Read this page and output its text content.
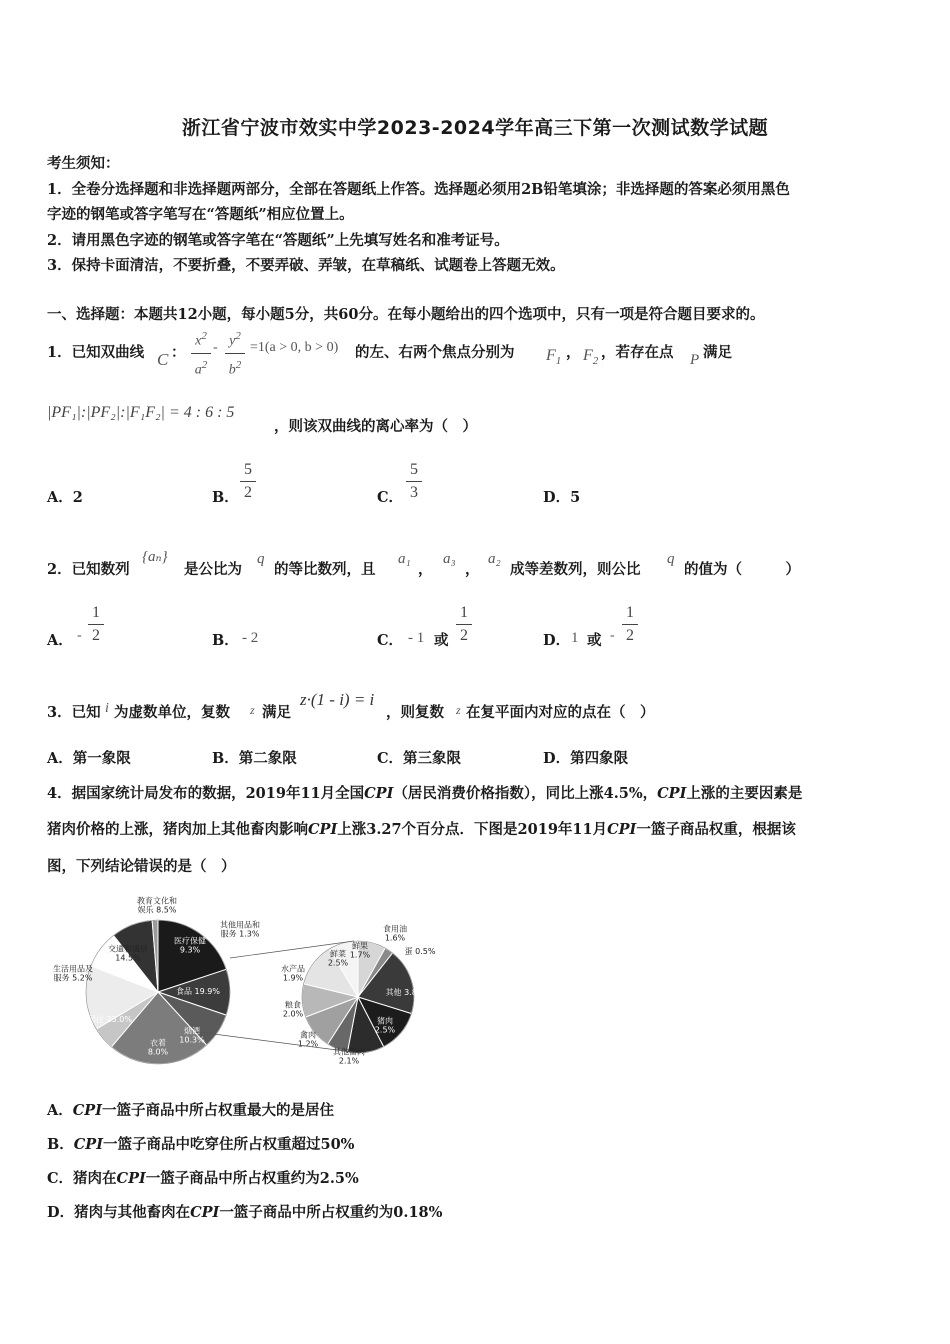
浙江省宁波市效实中学2023-2024学年高三下第一次测试数学试题
考生须知：
1．全卷分选择题和非选择题两部分，全部在答题纸上作答。选择题必须用2B铅笔填涂；非选择题的答案必须用黑色
字迹的钢笔或答字笔写在“答题纸”相应位置上。
2．请用黑色字迹的钢笔或答字笔在“答题纸”上先填写姓名和准考证号。
3．保持卡面清洁，不要折叠，不要弄破、弄皱，在草稿纸、试题卷上答题无效。
一、选择题：本题共12小题，每小题5分，共60分。在每小题给出的四个选项中，只有一项是符合题目要求的。
1．已知双曲线 C ：
$x^2$
$a^2$
- $y^2$
$b^2$
=1(a > 0, b > 0) 的左、右两个焦点分别为 $F_1$
， $F_2$
，若存在点 P 满足
|PF₁|:|PF₂|:|F₁F₂| = 4 : 6 : 5
，则该双曲线的离心率为（　）
A．2	B．
5
2	C．
5
3	D．5
2．已知数列
{aₙ}
是公比为
q
的等比数列，且
a₁
，
a₃
，
a₂
成等差数列，则公比
q
的值为（　　　）
A． -
1
2	B． - 2	C． - 1 或
1
2	D． 1 或 -
1
2
3．已知 i 为虚数单位，复数 z 满足
z·(1 - i) = i
，则复数 z 在复平面内对应的点在（　）
A．第一象限	B．第二象限	C．第三象限	D．第四象限
4．据国家统计局发布的数据，2019年11月全国CPI（居民消费价格指数），同比上涨4.5%，CPI上涨的主要因素是
猪肉价格的上涨，猪肉加上其他畜肉影响CPI上涨3.27个百分点．下图是2019年11月CPI一篮子商品权重，根据该
图，下列结论错误的是（　）
食品 19.9%
烟酒 10.3%
衣着 8.0%
居住 23.0%
生活用品及服务 5.2%
交通和通信 14.5%
教育文化和娱乐 8.5%
医疗保健 9.3%
其他用品和服务 1.3%
食用油 1.6%
蛋 0.5%
其他 3.8%
猪肉 2.5%
其他畜肉 2.1%
禽肉 1.2%
粮食 2.0%
水产品 1.9%
鲜菜 2.5%
鲜果 1.7%
A．CPI一篮子商品中所占权重最大的是居住
B．CPI一篮子商品中吃穿住所占权重超过50%
C．猪肉在CPI一篮子商品中所占权重约为2.5%
D．猪肉与其他畜肉在CPI一篮子商品中所占权重约为0.18%
